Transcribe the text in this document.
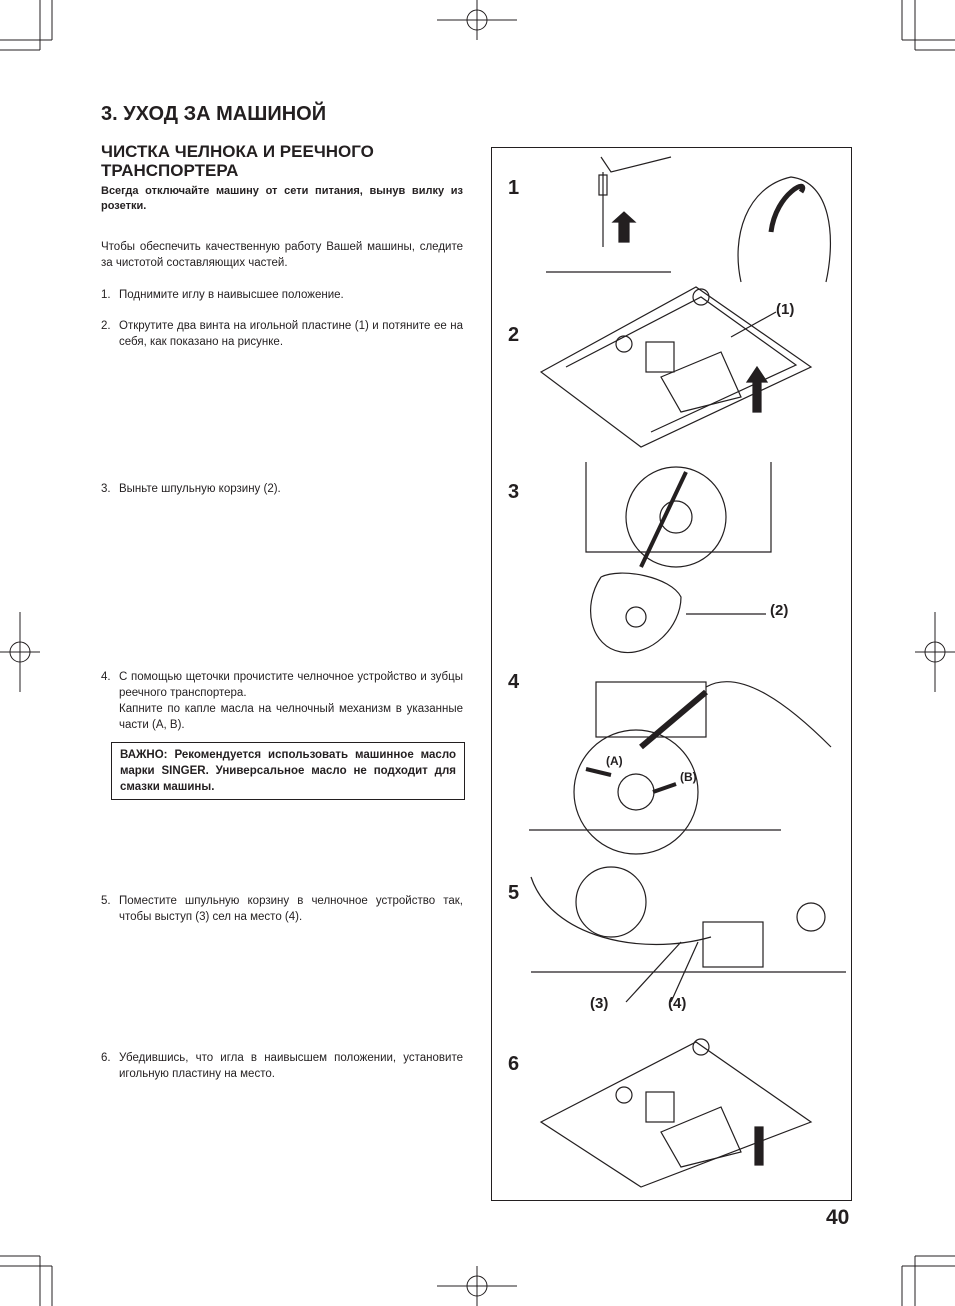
3. УХОД ЗА МАШИНОЙ
ЧИСТКА ЧЕЛНОКА И РЕЕЧНОГО ТРАНСПОРТЕРА
Всегда отключайте машину от сети питания, вынув вилку из розетки.
Чтобы обеспечить качественную работу Вашей машины, следите за чистотой составляющих частей.
1. Поднимите иглу в наивысшее положение.
2. Открутите два винта на игольной пластине (1) и потяните ее на себя, как показано на рисунке.
3. Выньте шпульную корзину (2).
4. С помощью щеточки прочистите челночное устройство и зубцы реечного транспортера.
Капните по капле масла на челночный механизм в указанные части (А, В).
ВАЖНО: Рекомендуется использовать машинное масло марки SINGER. Универсальное масло не подходит для смазки машины.
5. Поместите шпульную корзину в челночное устройство так, чтобы выступ (3) сел на место (4).
6. Убедившись, что игла в наивысшем положении, установите игольную пластину на место.
1
2
3
4
5
6
(1)
(2)
(A)
(B)
(3)	(4)
40
